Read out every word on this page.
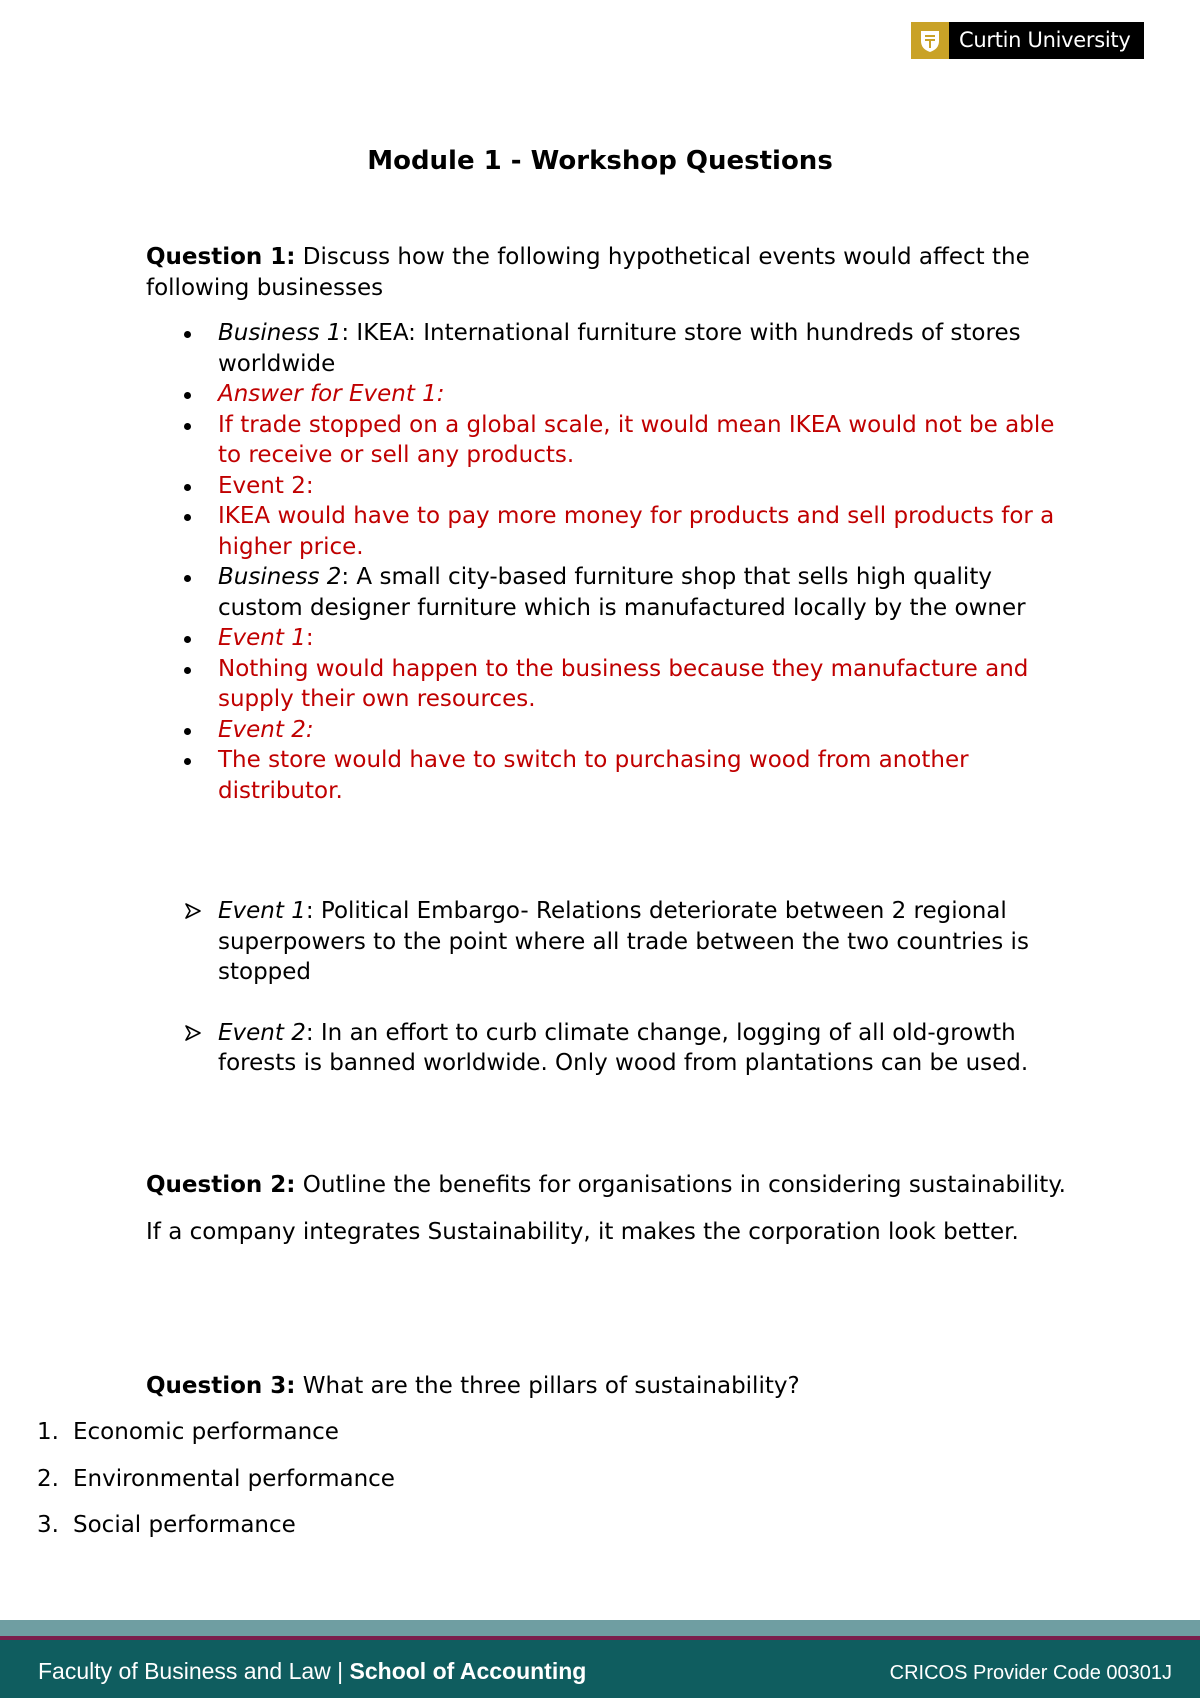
Curtin University
Module 1 - Workshop Questions

Question 1: Discuss how the following hypothetical events would affect the following businesses

Business 1: IKEA: International furniture store with hundreds of stores worldwide
Answer for Event 1:
If trade stopped on a global scale, it would mean IKEA would not be able to receive or sell any products.
Event 2:
IKEA would have to pay more money for products and sell products for a higher price.
Business 2: A small city-based furniture shop that sells high quality custom designer furniture which is manufactured locally by the owner
Event 1:
Nothing would happen to the business because they manufacture and supply their own resources.
Event 2:
The store would have to switch to purchasing wood from another distributor.
Event 1: Political Embargo- Relations deteriorate between 2 regional superpowers to the point where all trade between the two countries is stopped
Event 2: In an effort to curb climate change, logging of all old-growth forests is banned worldwide. Only wood from plantations can be used.

Question 2: Outline the benefits for organisations in considering sustainability.

If a company integrates Sustainability, it makes the corporation look better.

Question 3: What are the three pillars of sustainability?

1. Economic performance
2. Environmental performance
3. Social performance
Faculty of Business and Law | School of Accounting	CRICOS Provider Code 00301J
